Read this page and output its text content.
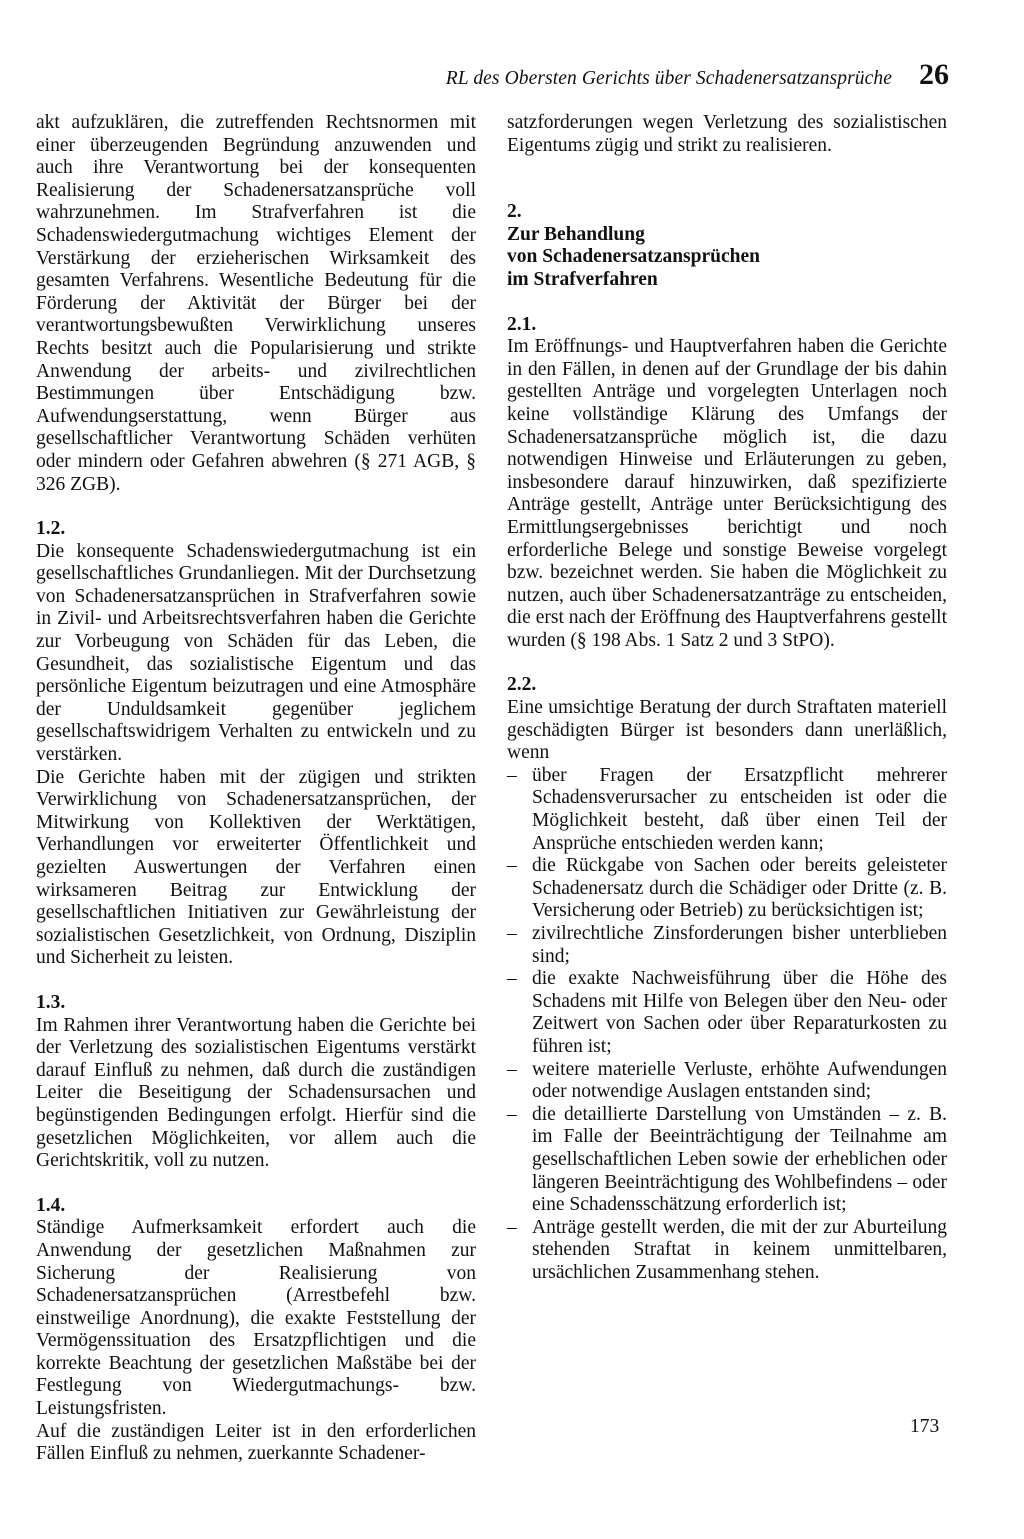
RL des Obersten Gerichts über Schadenersatzansprüche 26

akt aufzuklären, die zutreffenden Rechtsnormen mit einer überzeugenden Begründung anzuwenden und auch ihre Verantwortung bei der konsequenten Realisierung der Schadenersatzansprüche voll wahrzunehmen. Im Strafverfahren ist die Schadenswiedergutmachung wichtiges Element der Verstärkung der erzieherischen Wirksamkeit des gesamten Verfahrens. Wesentliche Bedeutung für die Förderung der Aktivität der Bürger bei der verantwortungsbewußten Verwirklichung unseres Rechts besitzt auch die Popularisierung und strikte Anwendung der arbeits- und zivilrechtlichen Bestimmungen über Entschädigung bzw. Aufwendungserstattung, wenn Bürger aus gesellschaftlicher Verantwortung Schäden verhüten oder mindern oder Gefahren abwehren (§ 271 AGB, § 326 ZGB).

1.2.

Die konsequente Schadenswiedergutmachung ist ein gesellschaftliches Grundanliegen. Mit der Durchsetzung von Schadenersatzansprüchen in Strafverfahren sowie in Zivil- und Arbeitsrechtsverfahren haben die Gerichte zur Vorbeugung von Schäden für das Leben, die Gesundheit, das sozialistische Eigentum und das persönliche Eigentum beizutragen und eine Atmosphäre der Unduldsamkeit gegenüber jeglichem gesellschaftswidrigem Verhalten zu entwickeln und zu verstärken.

Die Gerichte haben mit der zügigen und strikten Verwirklichung von Schadenersatzansprüchen, der Mitwirkung von Kollektiven der Werktätigen, Verhandlungen vor erweiterter Öffentlichkeit und gezielten Auswertungen der Verfahren einen wirksameren Beitrag zur Entwicklung der gesellschaftlichen Initiativen zur Gewährleistung der sozialistischen Gesetzlichkeit, von Ordnung, Disziplin und Sicherheit zu leisten.

1.3.

Im Rahmen ihrer Verantwortung haben die Gerichte bei der Verletzung des sozialistischen Eigentums verstärkt darauf Einfluß zu nehmen, daß durch die zuständigen Leiter die Beseitigung der Schadensursachen und begünstigenden Bedingungen erfolgt. Hierfür sind die gesetzlichen Möglichkeiten, vor allem auch die Gerichtskritik, voll zu nutzen.

1.4.

Ständige Aufmerksamkeit erfordert auch die Anwendung der gesetzlichen Maßnahmen zur Sicherung der Realisierung von Schadenersatzansprüchen (Arrestbefehl bzw. einstweilige Anordnung), die exakte Feststellung der Vermögenssituation des Ersatzpflichtigen und die korrekte Beachtung der gesetzlichen Maßstäbe bei der Festlegung von Wiedergutmachungs- bzw. Leistungsfristen.

Auf die zuständigen Leiter ist in den erforderlichen Fällen Einfluß zu nehmen, zuerkannte Schadener-

satzforderungen wegen Verletzung des sozialistischen Eigentums zügig und strikt zu realisieren.

2.

Zur Behandlung

von Schadenersatzansprüchen

im Strafverfahren

2.1.

Im Eröffnungs- und Hauptverfahren haben die Gerichte in den Fällen, in denen auf der Grundlage der bis dahin gestellten Anträge und vorgelegten Unterlagen noch keine vollständige Klärung des Umfangs der Schadenersatzansprüche möglich ist, die dazu notwendigen Hinweise und Erläuterungen zu geben, insbesondere darauf hinzuwirken, daß spezifizierte Anträge gestellt, Anträge unter Berücksichtigung des Ermittlungsergebnisses berichtigt und noch erforderliche Belege und sonstige Beweise vorgelegt bzw. bezeichnet werden. Sie haben die Möglichkeit zu nutzen, auch über Schadenersatzanträge zu entscheiden, die erst nach der Eröffnung des Hauptverfahrens gestellt wurden (§ 198 Abs. 1 Satz 2 und 3 StPO).

2.2.

Eine umsichtige Beratung der durch Straftaten materiell geschädigten Bürger ist besonders dann unerläßlich, wenn

– über Fragen der Ersatzpflicht mehrerer Schadensverursacher zu entscheiden ist oder die Möglichkeit besteht, daß über einen Teil der Ansprüche entschieden werden kann;
– die Rückgabe von Sachen oder bereits geleisteter Schadenersatz durch die Schädiger oder Dritte (z. B. Versicherung oder Betrieb) zu berücksichtigen ist;
– zivilrechtliche Zinsforderungen bisher unterblieben sind;
– die exakte Nachweisführung über die Höhe des Schadens mit Hilfe von Belegen über den Neu- oder Zeitwert von Sachen oder über Reparaturkosten zu führen ist;
– weitere materielle Verluste, erhöhte Aufwendungen oder notwendige Auslagen entstanden sind;
– die detaillierte Darstellung von Umständen – z. B. im Falle der Beeinträchtigung der Teilnahme am gesellschaftlichen Leben sowie der erheblichen oder längeren Beeinträchtigung des Wohlbefindens – oder eine Schadensschätzung erforderlich ist;
– Anträge gestellt werden, die mit der zur Aburteilung stehenden Straftat in keinem unmittelbaren, ursächlichen Zusammenhang stehen.
173
